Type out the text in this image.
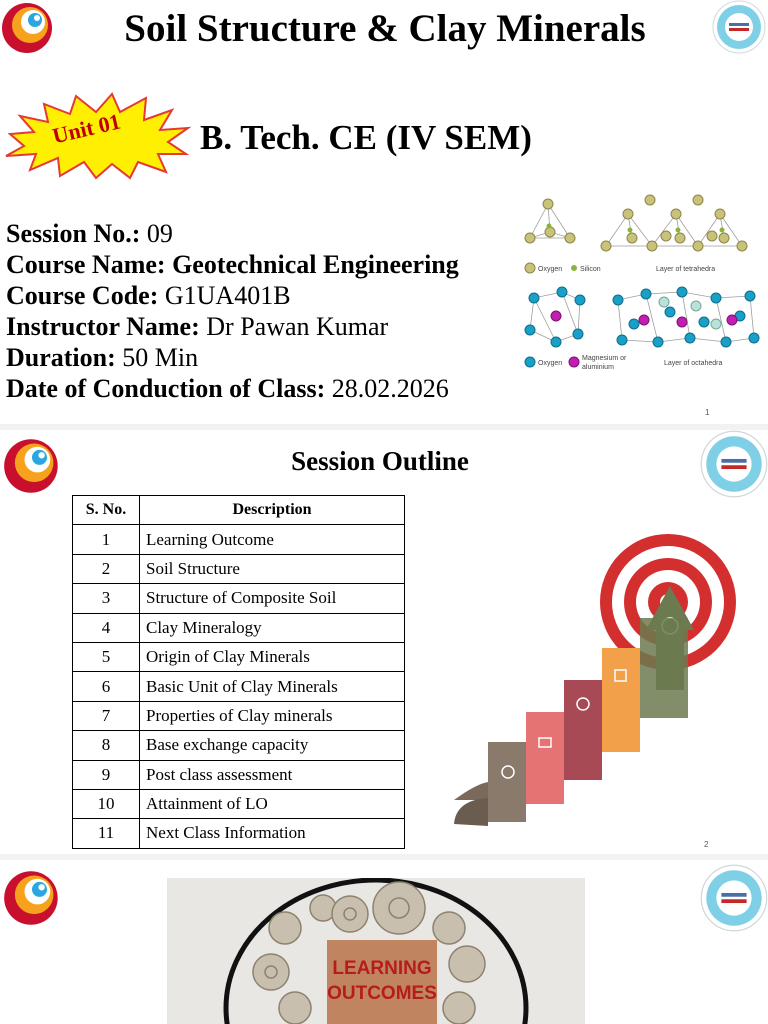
Soil Structure & Clay Minerals
Unit 01 B. Tech. CE (IV SEM)
Session No.: 09
Course Name: Geotechnical Engineering
Course Code: G1UA401B
Instructor Name: Dr Pawan Kumar
Duration: 50 Min
Date of Conduction of Class: 28.02.2026
Oxygen	Silicon	Layer of tetrahedra
Oxygen
Magnesium or
aluminium
Layer of octahedra
1
Session Outline
S. No.	Description
1	Learning Outcome
2	Soil Structure
3	Structure of Composite Soil
4	Clay Mineralogy
5	Origin of Clay Minerals
6	Basic Unit of Clay Minerals
7	Properties of Clay minerals
8	Base exchange capacity
9	Post class assessment
10	Attainment of LO
11	Next Class Information
2
LEARNING
OUTCOMES
